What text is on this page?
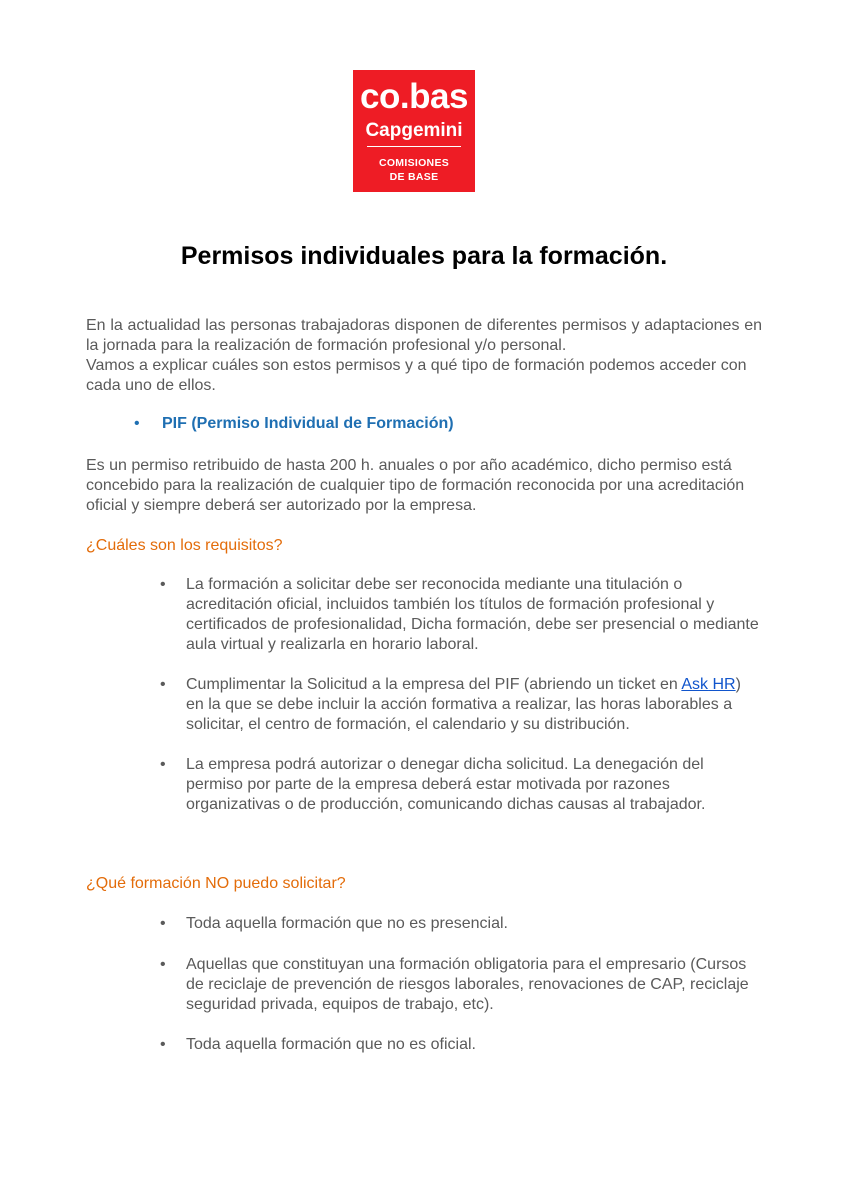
co.bas
Capgemini
COMISIONES
DE BASE
Permisos individuales para la formación.

En la actualidad las personas trabajadoras disponen de diferentes permisos y adaptaciones en la jornada para la realización de formación profesional y/o personal.

Vamos a explicar cuáles son estos permisos y a qué tipo de formación podemos acceder con cada uno de ellos.

• PIF (Permiso Individual de Formación)

Es un permiso retribuido de hasta 200 h. anuales o por año académico, dicho permiso está concebido para la realización de cualquier tipo de formación reconocida por una acreditación oficial y siempre deberá ser autorizado por la empresa.

¿Cuáles son los requisitos?

• La formación a solicitar debe ser reconocida mediante una titulación o acreditación oficial, incluidos también los títulos de formación profesional y certificados de profesionalidad, Dicha formación, debe ser presencial o mediante aula virtual y realizarla en horario laboral.

• Cumplimentar la Solicitud a la empresa del PIF (abriendo un ticket en Ask HR) en la que se debe incluir la acción formativa a realizar, las horas laborables a solicitar, el centro de formación, el calendario y su distribución.

• La empresa podrá autorizar o denegar dicha solicitud. La denegación del permiso por parte de la empresa deberá estar motivada por razones organizativas o de producción, comunicando dichas causas al trabajador.

¿Qué formación NO puedo solicitar?

• Toda aquella formación que no es presencial.

• Aquellas que constituyan una formación obligatoria para el empresario (Cursos de reciclaje de prevención de riesgos laborales, renovaciones de CAP, reciclaje seguridad privada, equipos de trabajo, etc).

• Toda aquella formación que no es oficial.
